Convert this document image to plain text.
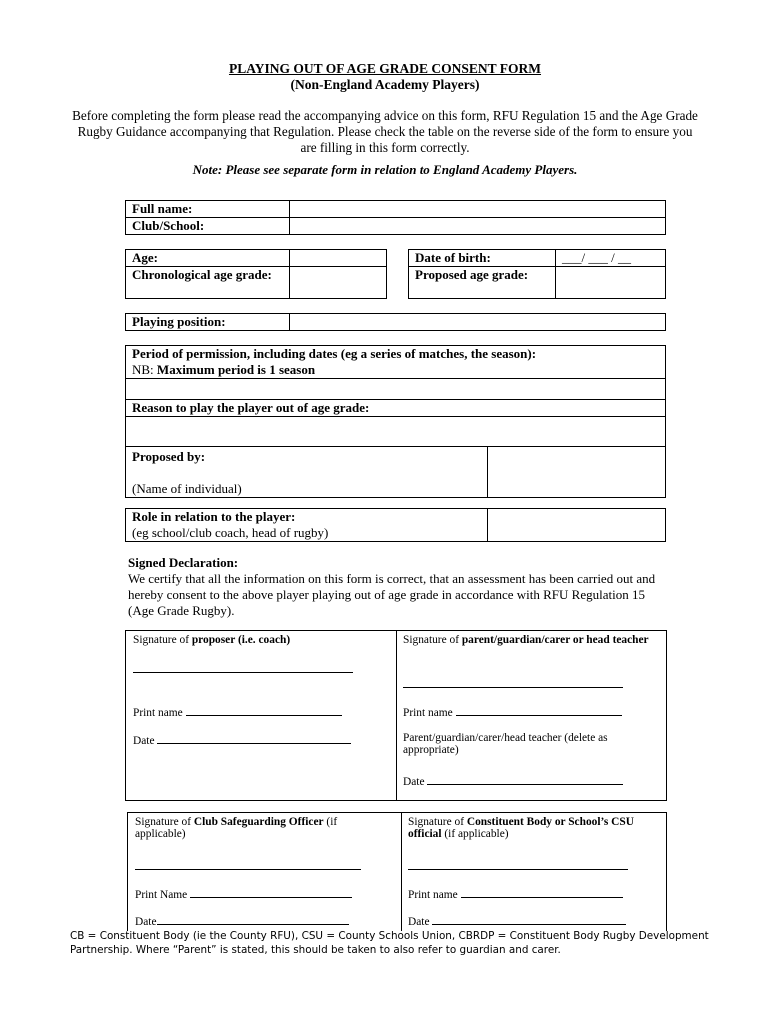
PLAYING OUT OF AGE GRADE CONSENT FORM
(Non-England Academy Players)
Before completing the form please read the accompanying advice on this form, RFU Regulation 15 and the Age Grade Rugby Guidance accompanying that Regulation. Please check the table on the reverse side of the form to ensure you are filling in this form correctly.
Note: Please see separate form in relation to England Academy Players.
Full name:	
Club/School:	
Age:	
Chronological age grade:	
Date of birth:	___/ ___ / __
Proposed age grade:	
Playing position:	
Period of permission, including dates (eg a series of matches, the season):
NB: Maximum period is 1 season

Reason to play the player out of age grade:

Proposed by:

(Name of individual)	
Role in relation to the player:
(eg school/club coach, head of rugby)	
Signed Declaration:
We certify that all the information on this form is correct, that an assessment has been carried out and hereby consent to the above player playing out of age grade in accordance with RFU Regulation 15 (Age Grade Rugby).
Signature of proposer (i.e. coach)
Print name
Date
Signature of parent/guardian/carer or head teacher
Print name
Parent/guardian/carer/head teacher (delete as appropriate)
Date
Signature of Club Safeguarding Officer (if applicable)
Print Name
Date
Signature of Constituent Body or School’s CSU official (if applicable)
Print name
Date
CB = Constituent Body (ie the County RFU), CSU = County Schools Union, CBRDP = Constituent Body Rugby Development Partnership. Where “Parent” is stated, this should be taken to also refer to guardian and carer.
